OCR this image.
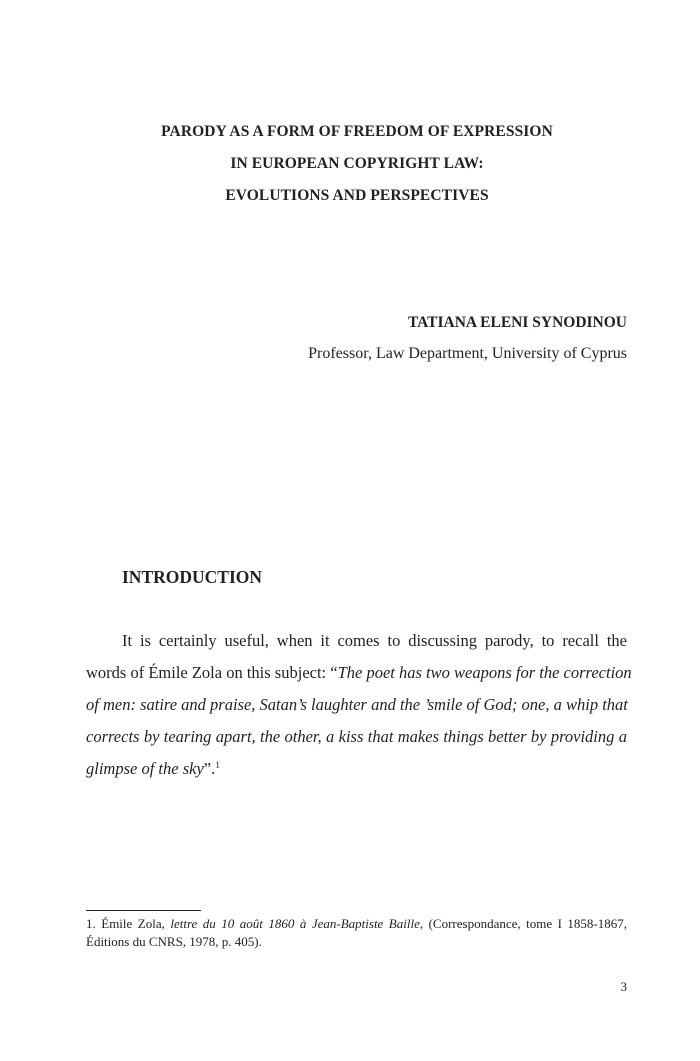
PARODY AS A FORM OF FREEDOM OF EXPRESSION
IN EUROPEAN COPYRIGHT LAW:
EVOLUTIONS AND PERSPECTIVES
TATIANA ELENI SYNODINOU
Professor, Law Department, University of Cyprus
INTRODUCTION
It is certainly useful, when it comes to discussing parody, to recall the
words of Émile Zola on this subject: “The poet has two weapons for the correction
of men: satire and praise, Satan’s laughter and the ’smile of God; one, a whip that
corrects by tearing apart, the other, a kiss that makes things better by providing a
glimpse of the sky”.$^1$
1. Émile Zola, lettre du 10 août 1860 à Jean-Baptiste Baille, (Correspondance, tome I 1858-1867,
Éditions du CNRS, 1978, p. 405).
3
